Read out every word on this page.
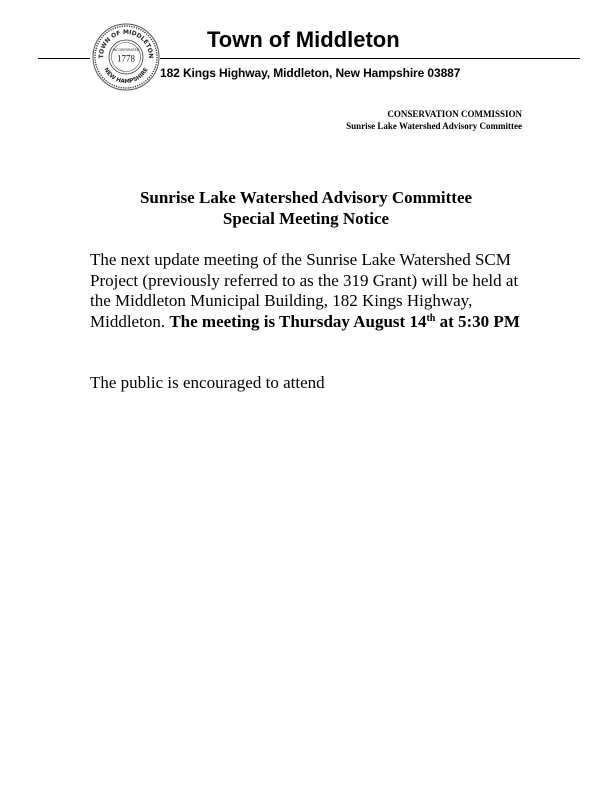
TOWN OF MIDDLETON
NEW HAMPSHIRE
INCORPORATED
1778
Town of Middleton
182 Kings Highway, Middleton, New Hampshire 03887
CONSERVATION COMMISSION
Sunrise Lake Watershed Advisory Committee
Sunrise Lake Watershed Advisory Committee
Special Meeting Notice
The next update meeting of the Sunrise Lake Watershed SCM Project (previously referred to as the 319 Grant) will be held at the Middleton Municipal Building, 182 Kings Highway, Middleton. The meeting is Thursday August 14th at 5:30 PM
The public is encouraged to attend
